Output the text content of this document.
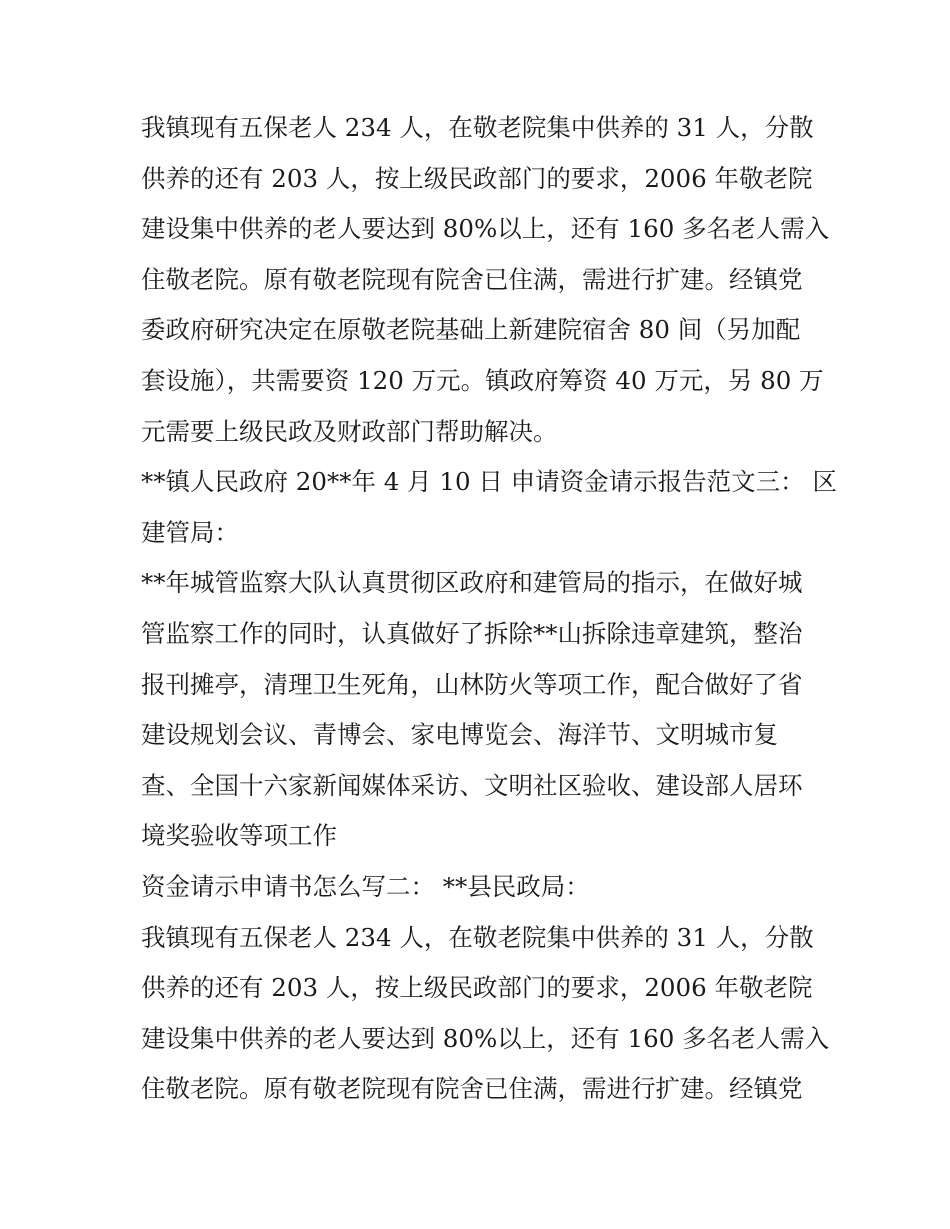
我镇现有五保老人 234 人，在敬老院集中供养的 31 人，分散
供养的还有 203 人，按上级民政部门的要求，2006 年敬老院
建设集中供养的老人要达到 80%以上，还有 160 多名老人需入
住敬老院。原有敬老院现有院舍已住满，需进行扩建。经镇党
委政府研究决定在原敬老院基础上新建院宿舍 80 间（另加配
套设施），共需要资 120 万元。镇政府筹资 40 万元，另 80 万
元需要上级民政及财政部门帮助解决。
**镇人民政府 20**年 4 月 10 日 申请资金请示报告范文三： 区
建管局：
**年城管监察大队认真贯彻区政府和建管局的指示，在做好城
管监察工作的同时，认真做好了拆除**山拆除违章建筑，整治
报刊摊亭，清理卫生死角，山林防火等项工作，配合做好了省
建设规划会议、青博会、家电博览会、海洋节、文明城市复
查、全国十六家新闻媒体采访、文明社区验收、建设部人居环
境奖验收等项工作
资金请示申请书怎么写二： **县民政局：
我镇现有五保老人 234 人，在敬老院集中供养的 31 人，分散
供养的还有 203 人，按上级民政部门的要求，2006 年敬老院
建设集中供养的老人要达到 80%以上，还有 160 多名老人需入
住敬老院。原有敬老院现有院舍已住满，需进行扩建。经镇党
